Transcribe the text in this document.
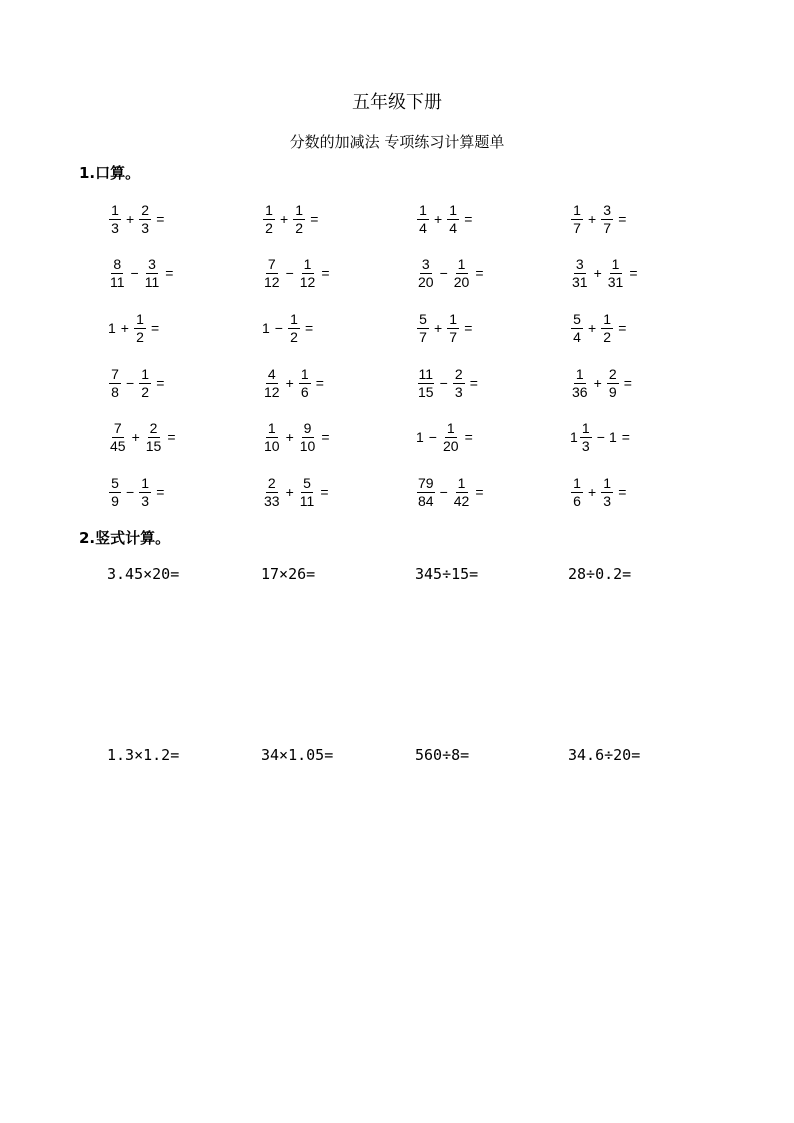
五年级下册
分数的加减法 专项练习计算题单
1.口算。
$\frac{1}{3} + \frac{2}{3}$ =	$\frac{1}{2} + \frac{1}{2}$ =	$\frac{1}{4} + \frac{1}{4}$ =	$\frac{1}{7} + \frac{3}{7}$ =
$\frac{8}{11} - \frac{3}{11}$ =	$\frac{7}{12} - \frac{1}{12}$ =	$\frac{3}{20} - \frac{1}{20}$ =	$\frac{3}{31} + \frac{1}{31}$ =
$1 + \frac{1}{2}$ =	$1 - \frac{1}{2}$ =	$\frac{5}{7} + \frac{1}{7}$ =	$\frac{5}{4} + \frac{1}{2}$ =
$\frac{7}{8} - \frac{1}{2}$ =	$\frac{4}{12} + \frac{1}{6}$ =	$\frac{11}{15} - \frac{2}{3}$ =	$\frac{1}{36} + \frac{2}{9}$ =
$\frac{7}{45} + \frac{2}{15}$ =	$\frac{1}{10} + \frac{9}{10}$ =	$1 - \frac{1}{20}$ =	$1 \frac{1}{3} - 1$ =
$\frac{5}{9} - \frac{1}{3}$ =	$\frac{2}{33} + \frac{5}{11}$ =	$\frac{79}{84} - \frac{1}{42}$ =	$\frac{1}{6} + \frac{1}{3}$ =
2.竖式计算。
3.45×20=	17×26=	345÷15=	28÷0.2=
1.3×1.2=	34×1.05=	560÷8=	34.6÷20=
